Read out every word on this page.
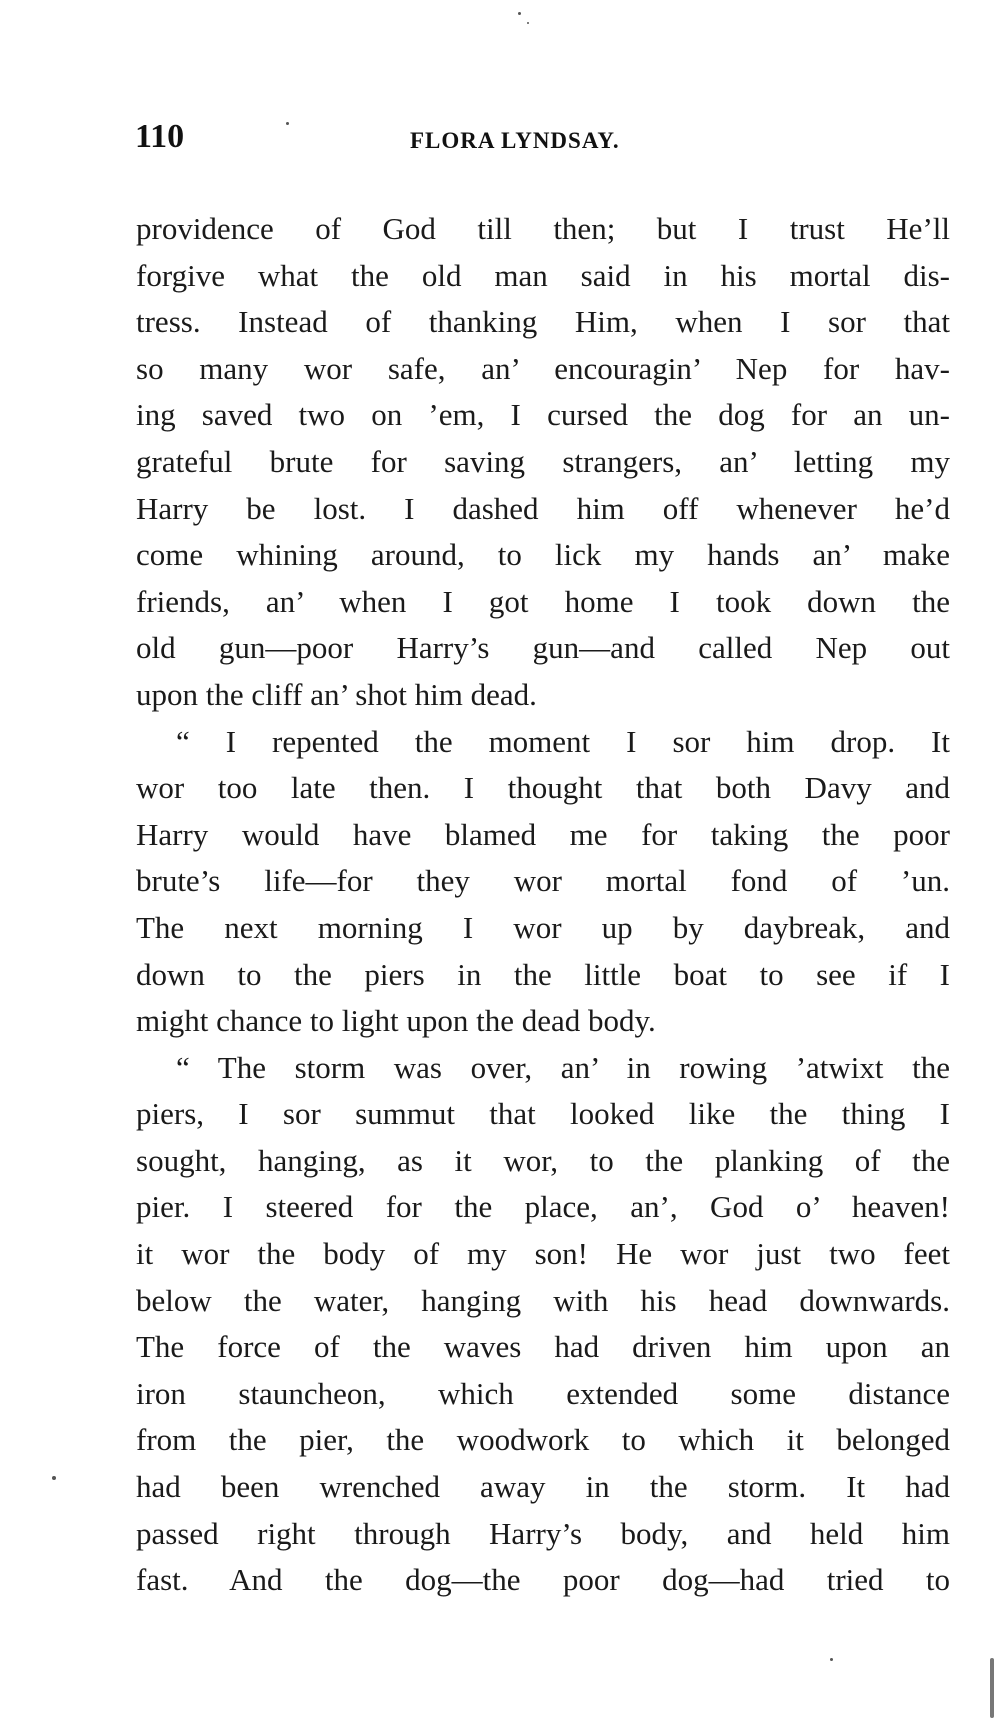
110	FLORA LYNDSAY.
providence of God till then; but I trust He’ll
forgive what the old man said in his mortal dis-
tress. Instead of thanking Him, when I sor that
so many wor safe, an’ encouragin’ Nep for hav-
ing saved two on ’em, I cursed the dog for an un-
grateful brute for saving strangers, an’ letting my
Harry be lost. I dashed him off whenever he’d
come whining around, to lick my hands an’ make
friends, an’ when I got home I took down the
old gun—poor Harry’s gun—and called Nep out
upon the cliff an’ shot him dead.
“ I repented the moment I sor him drop. It
wor too late then. I thought that both Davy and
Harry would have blamed me for taking the poor
brute’s life—for they wor mortal fond of ’un.
The next morning I wor up by daybreak, and
down to the piers in the little boat to see if I
might chance to light upon the dead body.
“ The storm was over, an’ in rowing ’atwixt the
piers, I sor summut that looked like the thing I
sought, hanging, as it wor, to the planking of the
pier. I steered for the place, an’, God o’ heaven!
it wor the body of my son! He wor just two feet
below the water, hanging with his head downwards.
The force of the waves had driven him upon an
iron stauncheon, which extended some distance
from the pier, the woodwork to which it belonged
had been wrenched away in the storm. It had
passed right through Harry’s body, and held him
fast. And the dog—the poor dog—had tried to
